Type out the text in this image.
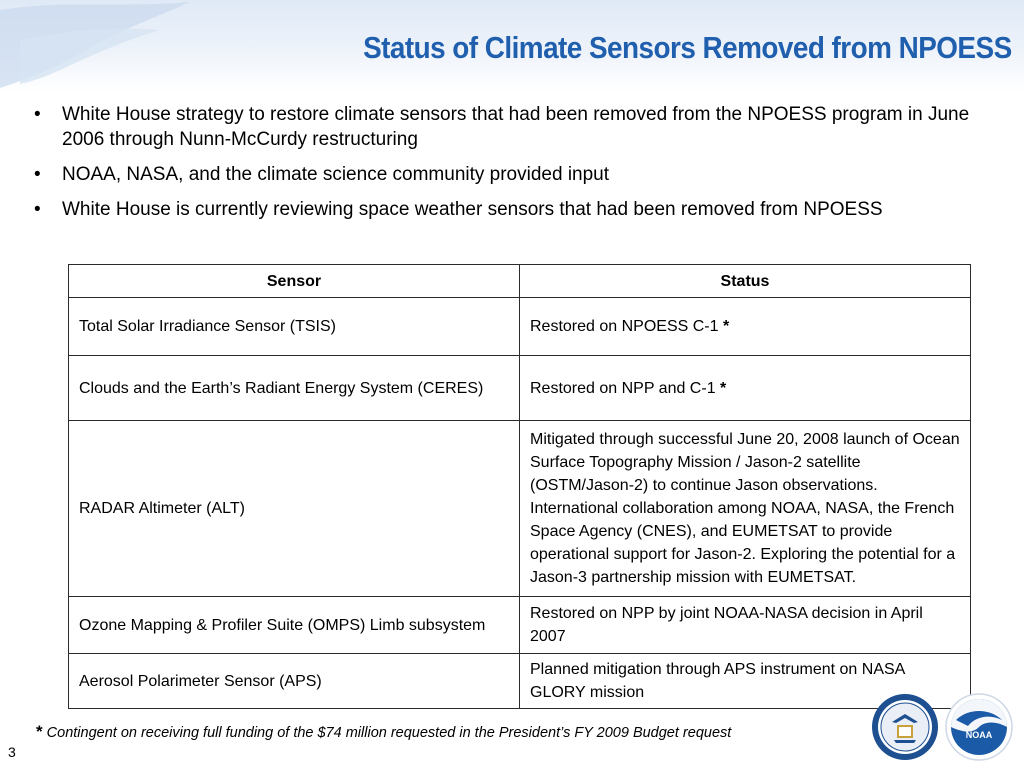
Status of Climate Sensors Removed from NPOESS
• White House strategy to restore climate sensors that had been removed from the NPOESS program in June 2006 through Nunn-McCurdy restructuring
• NOAA, NASA, and the climate science community provided input
• White House is currently reviewing space weather sensors that had been removed from NPOESS
Sensor	Status
Total Solar Irradiance Sensor (TSIS)	Restored on NPOESS C-1 *
Clouds and the Earth’s Radiant Energy System (CERES)	Restored on NPP and C-1 *
RADAR Altimeter (ALT)	Mitigated through successful June 20, 2008 launch of Ocean Surface Topography Mission / Jason-2 satellite (OSTM/Jason-2) to continue Jason observations. International collaboration among NOAA, NASA, the French Space Agency (CNES), and EUMETSAT to provide operational support for Jason-2. Exploring the potential for a Jason-3 partnership mission with EUMETSAT.
Ozone Mapping & Profiler Suite (OMPS) Limb subsystem	Restored on NPP by joint NOAA-NASA decision in April 2007
Aerosol Polarimeter Sensor (APS)	Planned mitigation through APS instrument on NASA GLORY mission
* Contingent on receiving full funding of the $74 million requested in the President’s FY 2009 Budget request
3
NOAA
